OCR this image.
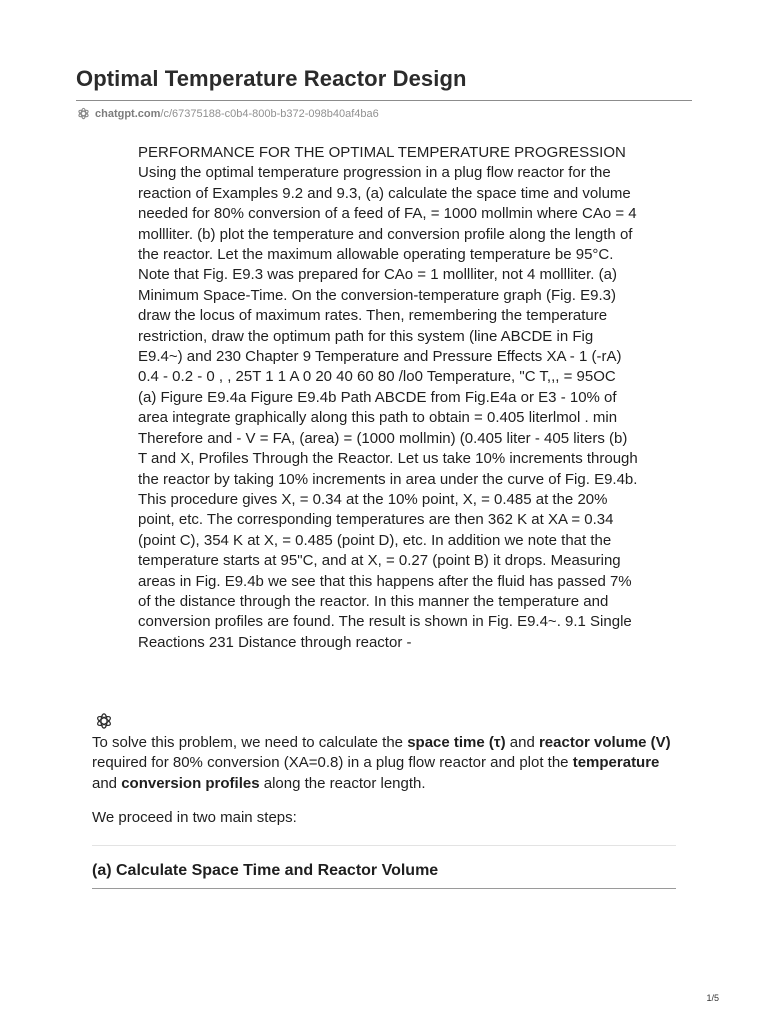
Optimal Temperature Reactor Design
chatgpt.com /c/67375188-c0b4-800b-b372-098b40af4ba6

PERFORMANCE FOR THE OPTIMAL TEMPERATURE PROGRESSION Using the optimal temperature progression in a plug flow reactor for the reaction of Examples 9.2 and 9.3, (a) calculate the space time and volume needed for 80% conversion of a feed of FA, = 1000 mollmin where CAo = 4 mollliter. (b) plot the temperature and conversion profile along the length of the reactor. Let the maximum allowable operating temperature be 95°C. Note that Fig. E9.3 was prepared for CAo = 1 mollliter, not 4 mollliter. (a) Minimum Space-Time. On the conversion-temperature graph (Fig. E9.3) draw the locus of maximum rates. Then, remembering the temperature restriction, draw the optimum path for this system (line ABCDE in Fig E9.4~) and 230 Chapter 9 Temperature and Pressure Effects XA - 1 (-rA) 0.4 - 0.2 - 0 , , 25T 1 1 A 0 20 40 60 80 /lo0 Temperature, "C T,,, = 95OC (a) Figure E9.4a Figure E9.4b Path ABCDE from Fig.E4a or E3 - 10% of area integrate graphically along this path to obtain = 0.405 literlmol . min Therefore and - V = FA, (area) = (1000 mollmin) (0.405 liter - 405 liters (b) T and X, Profiles Through the Reactor. Let us take 10% increments through the reactor by taking 10% increments in area under the curve of Fig. E9.4b. This procedure gives X, = 0.34 at the 10% point, X, = 0.485 at the 20% point, etc. The corresponding temperatures are then 362 K at XA = 0.34 (point C), 354 K at X, = 0.485 (point D), etc. In addition we note that the temperature starts at 95"C, and at X, = 0.27 (point B) it drops. Measuring areas in Fig. E9.4b we see that this happens after the fluid has passed 7% of the distance through the reactor. In this manner the temperature and conversion profiles are found. The result is shown in Fig. E9.4~. 9.1 Single Reactions 231 Distance through reactor -

To solve this problem, we need to calculate the space time (τ) and reactor volume (V) required for 80% conversion (XA=0.8) in a plug flow reactor and plot the temperature and conversion profiles along the reactor length.

We proceed in two main steps:

(a) Calculate Space Time and Reactor Volume
1/5
